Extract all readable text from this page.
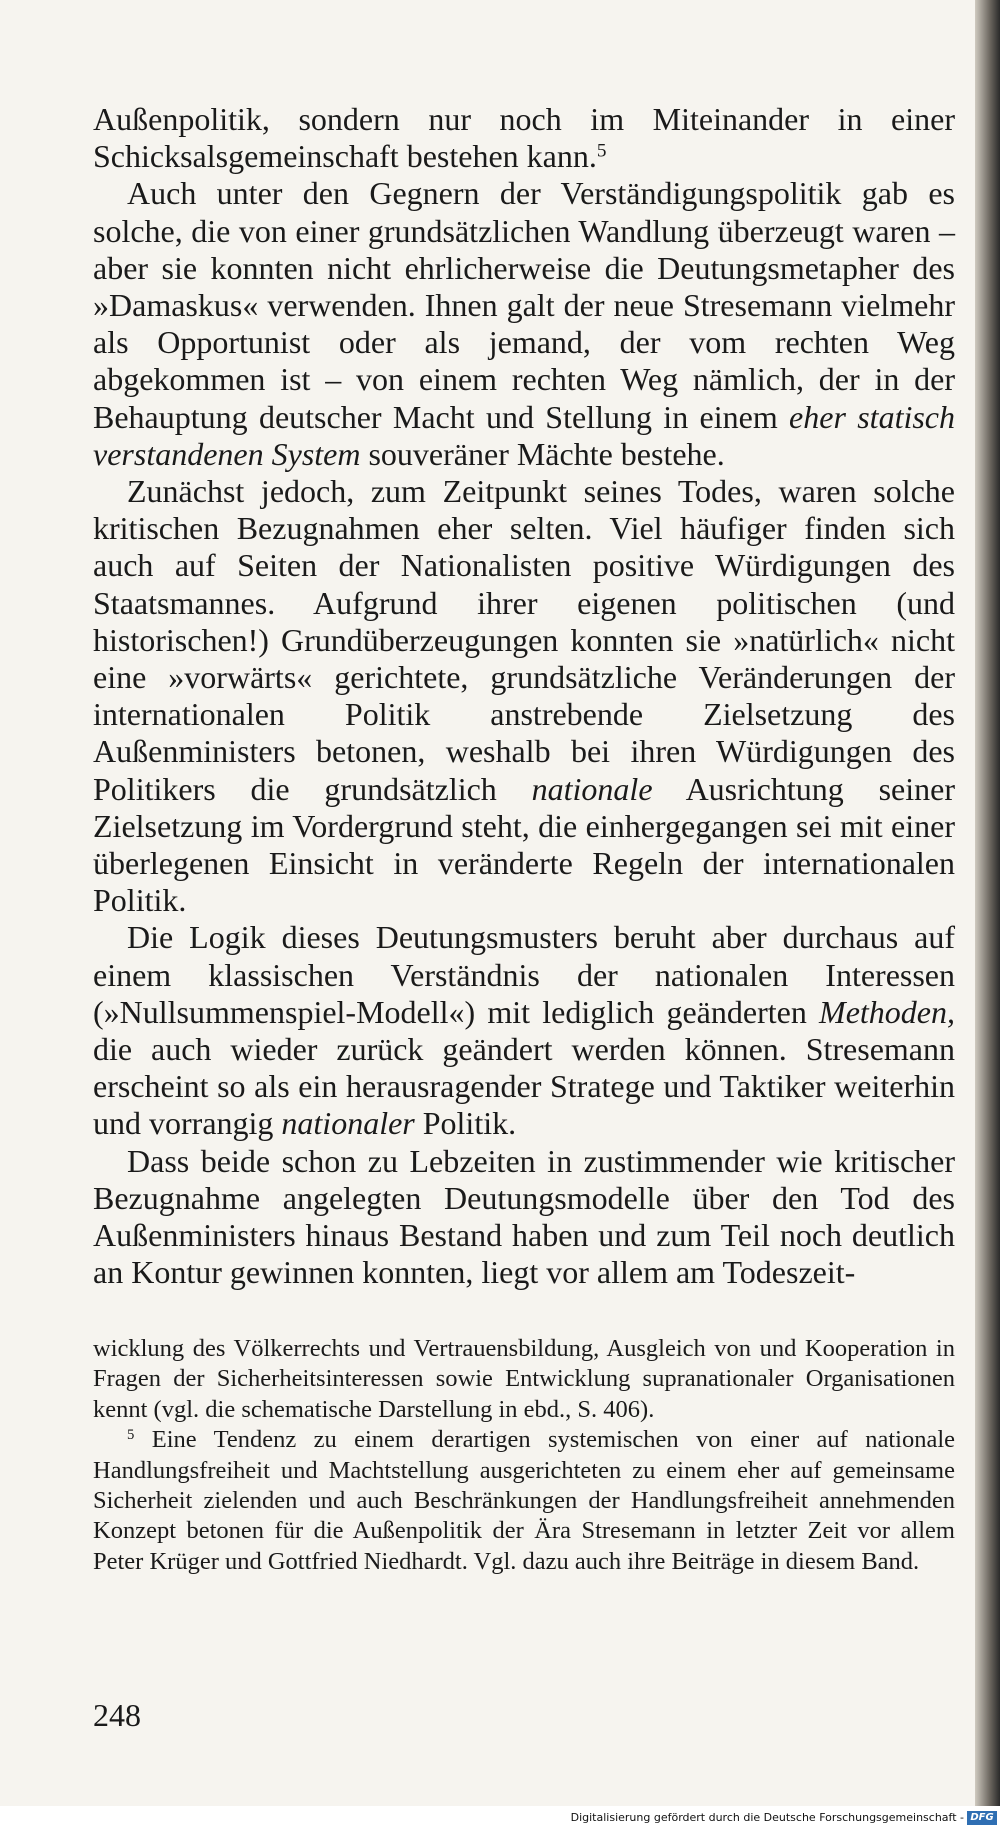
Außenpolitik, sondern nur noch im Miteinander in einer Schicksalsgemeinschaft bestehen kann.$^5$

Auch unter den Gegnern der Verständigungspolitik gab es solche, die von einer grundsätzlichen Wandlung überzeugt waren – aber sie konnten nicht ehrlicherweise die Deutungsmetapher des »Damaskus« verwenden. Ihnen galt der neue Stresemann vielmehr als Opportunist oder als jemand, der vom rechten Weg abgekommen ist – von einem rechten Weg nämlich, der in der Behauptung deutscher Macht und Stellung in einem eher statisch verstandenen System souveräner Mächte bestehe.

Zunächst jedoch, zum Zeitpunkt seines Todes, waren solche kritischen Bezugnahmen eher selten. Viel häufiger finden sich auch auf Seiten der Nationalisten positive Würdigungen des Staatsmannes. Aufgrund ihrer eigenen politischen (und historischen!) Grundüberzeugungen konnten sie »natürlich« nicht eine »vorwärts« gerichtete, grundsätzliche Veränderungen der internationalen Politik anstrebende Zielsetzung des Außenministers betonen, weshalb bei ihren Würdigungen des Politikers die grundsätzlich nationale Ausrichtung seiner Zielsetzung im Vordergrund steht, die einhergegangen sei mit einer überlegenen Einsicht in veränderte Regeln der internationalen Politik.

Die Logik dieses Deutungsmusters beruht aber durchaus auf einem klassischen Verständnis der nationalen Interessen (»Nullsummenspiel-Modell«) mit lediglich geänderten Methoden, die auch wieder zurück geändert werden können. Stresemann erscheint so als ein herausragender Stratege und Taktiker weiterhin und vorrangig nationaler Politik.

Dass beide schon zu Lebzeiten in zustimmender wie kritischer Bezugnahme angelegten Deutungsmodelle über den Tod des Außenministers hinaus Bestand haben und zum Teil noch deutlich an Kontur gewinnen konnten, liegt vor allem am Todeszeit-

wicklung des Völkerrechts und Vertrauensbildung, Ausgleich von und Kooperation in Fragen der Sicherheitsinteressen sowie Entwicklung supranationaler Organisationen kennt (vgl. die schematische Darstellung in ebd., S. 406).

$^5$ Eine Tendenz zu einem derartigen systemischen von einer auf nationale Handlungsfreiheit und Machtstellung ausgerichteten zu einem eher auf gemeinsame Sicherheit zielenden und auch Beschränkungen der Handlungsfreiheit annehmenden Konzept betonen für die Außenpolitik der Ära Stresemann in letzter Zeit vor allem Peter Krüger und Gottfried Niedhardt. Vgl. dazu auch ihre Beiträge in diesem Band.

248
Digitalisierung gefördert durch die Deutsche Forschungsgemeinschaft - DFG
